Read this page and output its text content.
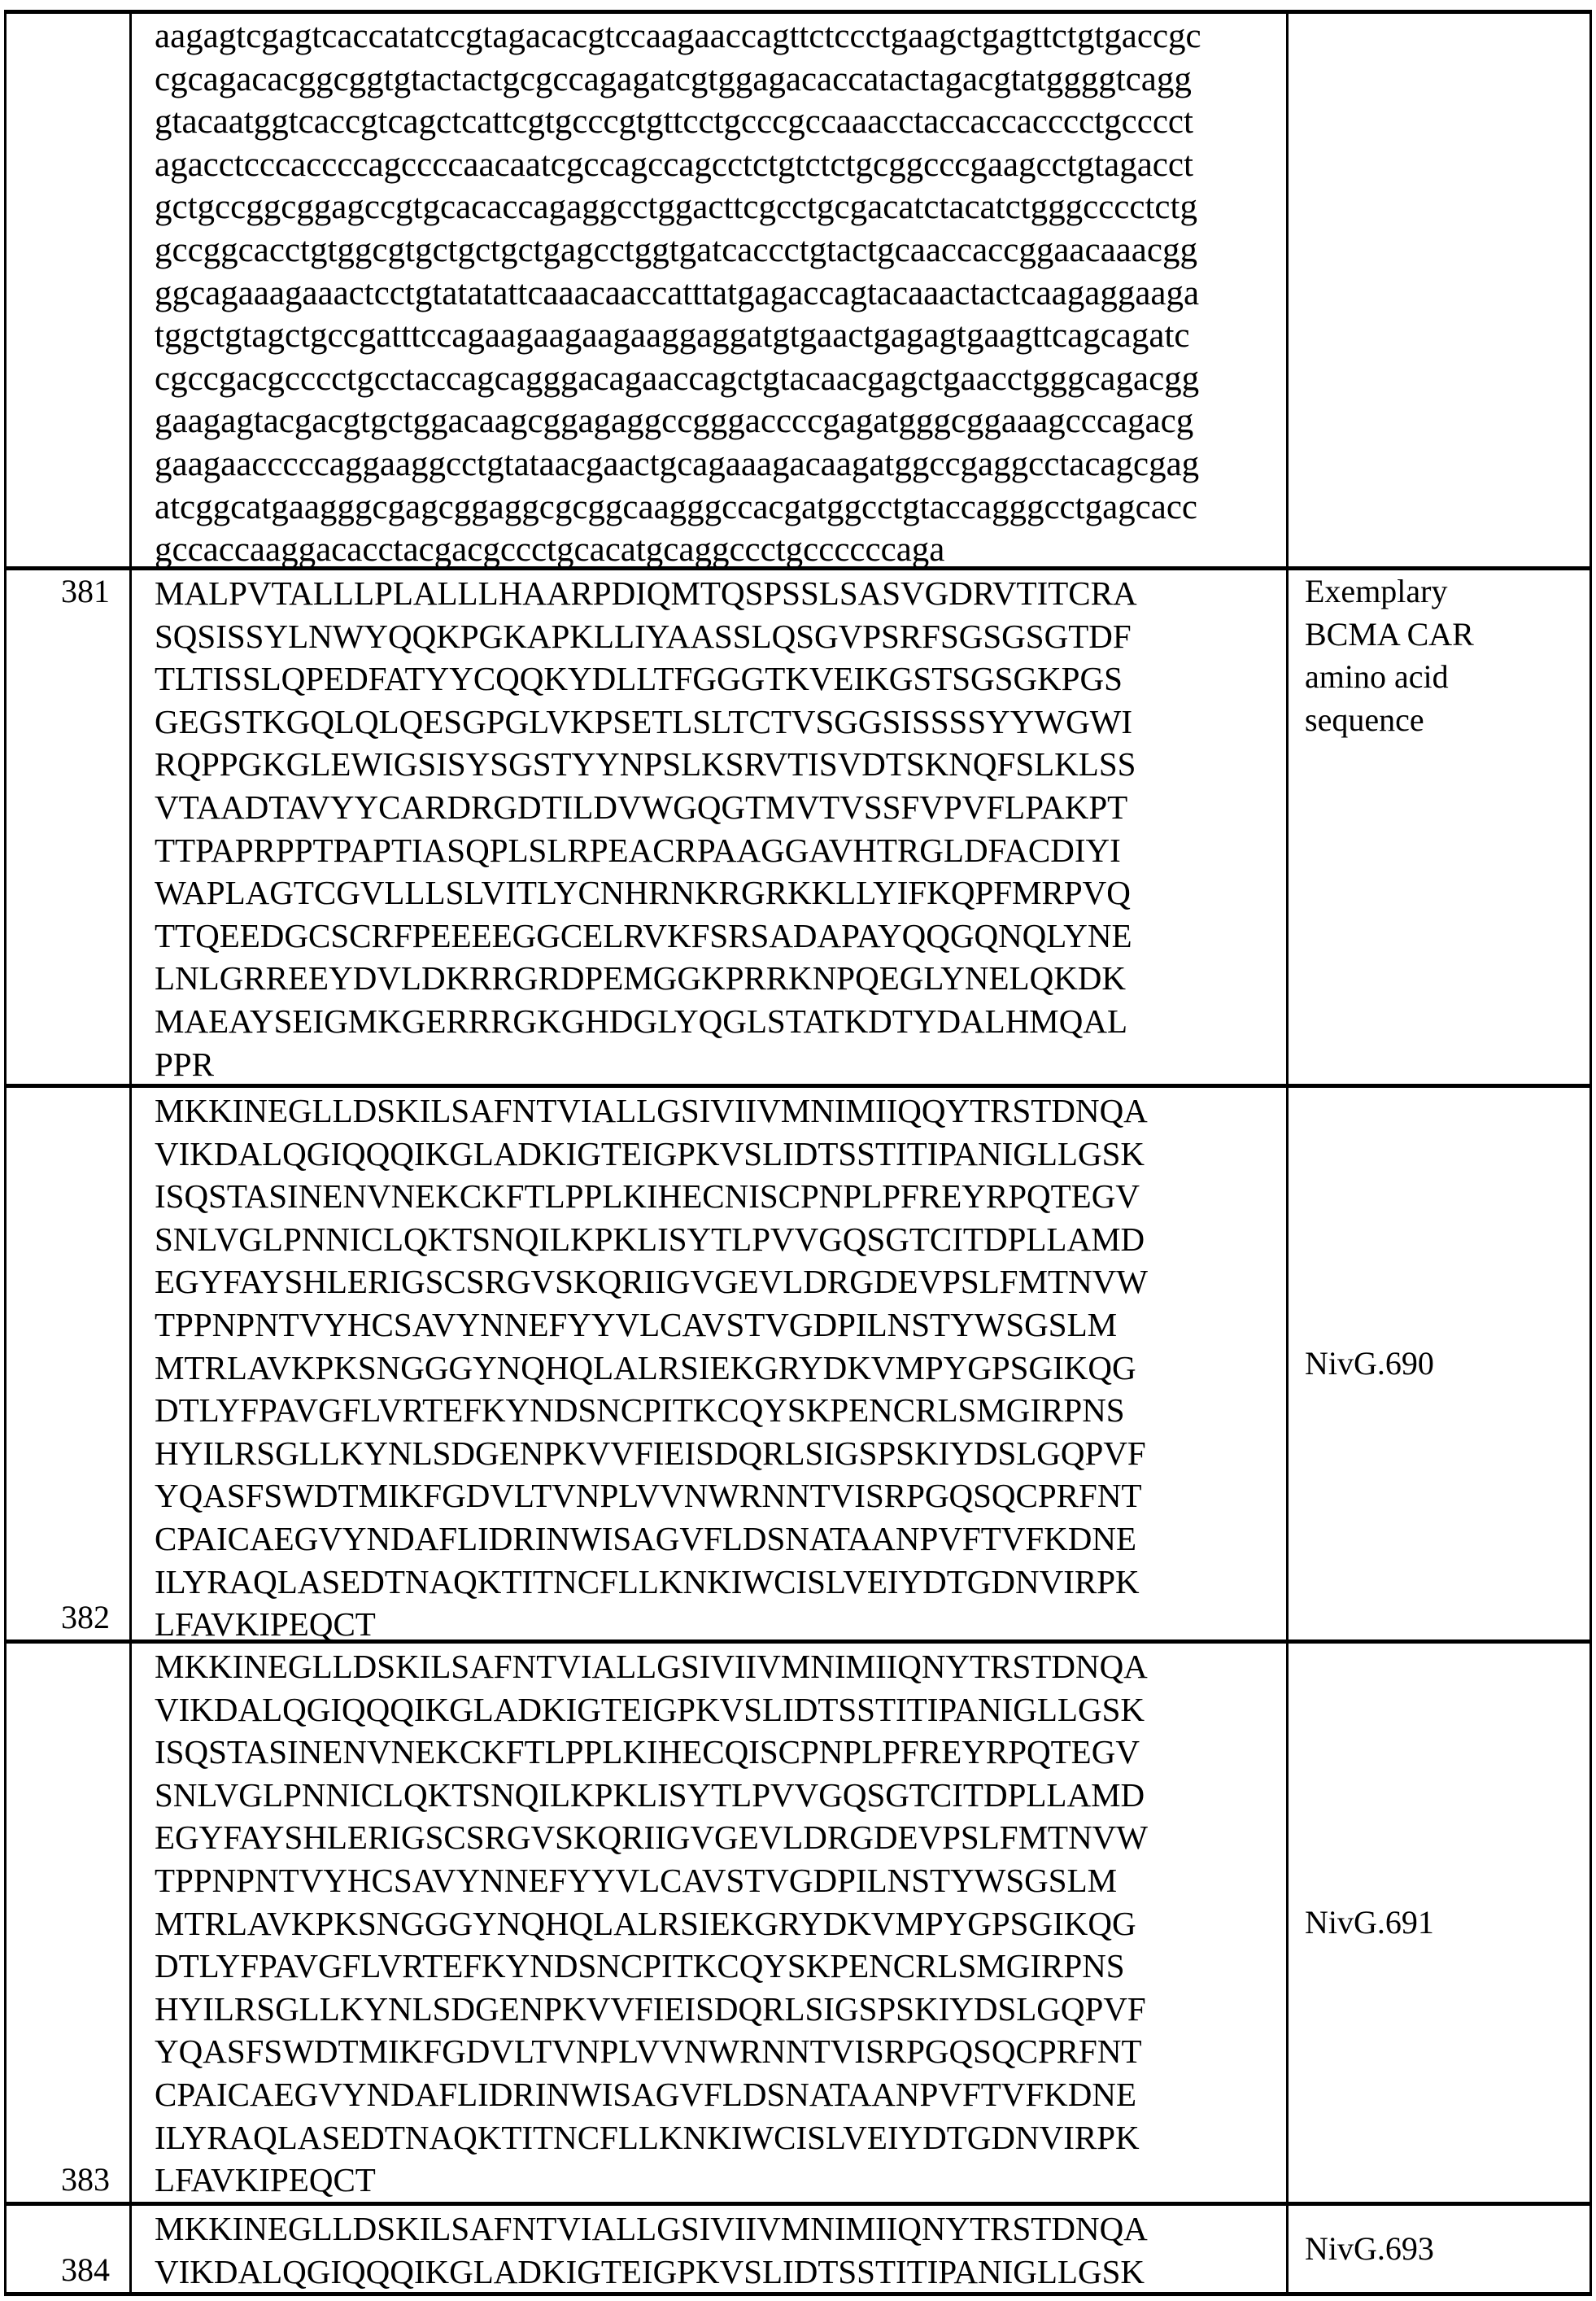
aagagtcgagtcaccatatccgtagacacgtccaagaaccagttctccctgaagctgagttctgtgaccgc
cgcagacacggcggtgtactactgcgccagagatcgtggagacaccatactagacgtatggggtcagg
gtacaatggtcaccgtcagctcattcgtgcccgtgttcctgcccgccaaacctaccaccacccctgcccct
agacctcccaccccagccccaacaatcgccagccagcctctgtctctgcggcccgaagcctgtagacct
gctgccggcggagccgtgcacaccagaggcctggacttcgcctgcgacatctacatctgggcccctctg
gccggcacctgtggcgtgctgctgctgagcctggtgatcaccctgtactgcaaccaccggaacaaacgg
ggcagaaagaaactcctgtatatattcaaacaaccatttatgagaccagtacaaactactcaagaggaaga
tggctgtagctgccgatttccagaagaagaagaaggaggatgtgaactgagagtgaagttcagcagatc
cgccgacgcccctgcctaccagcagggacagaaccagctgtacaacgagctgaacctgggcagacgg
gaagagtacgacgtgctggacaagcggagaggccgggaccccgagatgggcggaaagcccagacg
gaagaacccccaggaaggcctgtataacgaactgcagaaagacaagatggccgaggcctacagcgag
atcggcatgaagggcgagcggaggcgcggcaagggccacgatggcctgtaccagggcctgagcacc
gccaccaaggacacctacgacgccctgcacatgcaggccctgccccccaga
381 MALPVTALLLPLALLLHAARPDIQMTQSPSSLSASVGDRVTITCRA
SQSISSYLNWYQQKPGKAPKLLIYAASSLQSGVPSRFSGSGSGTDF
TLTISSLQPEDFATYYCQQKYDLLTFGGGTKVEIKGSTSGSGKPGS
GEGSTKGQLQLQESGPGLVKPSETLSLTCTVSGGSISSSSYYWGWI
RQPPGKGLEWIGSISYSGSTYYNPSLKSRVTISVDTSKNQFSLKLSS
VTAADTAVYYCARDRGDTILDVWGQGTMVTVSSFVPVFLPAKPT
TTPAPRPPTPAPTIASQPLSLRPEACRPAAGGAVHTRGLDFACDIYI
WAPLAGTCGVLLLSLVITLYCNHRNKRGRKKLLYIFKQPFMRPVQ
TTQEEDGCSCRFPEEEEGGCELRVKFSRSADAPAYQQGQNQLYNE
LNLGRREEYDVLDKRRGRDPEMGGKPRRKNPQEGLYNELQKDK
MAEAYSEIGMKGERRRGKGHDGLYQGLSTATKDTYDALHMQAL
PPR
Exemplary
BCMA CAR
amino acid
sequence
382
MKKINEGLLDSKILSAFNTVIALLGSIVIIVMNIMIIQQYTRSTDNQA
VIKDALQGIQQQIKGLADKIGTEIGPKVSLIDTSSTITIPANIGLLGSK
ISQSTASINENVNEKCKFTLPPLKIHECNISCPNPLPFREYRPQTEGV
SNLVGLPNNICLQKTSNQILKPKLISYTLPVVGQSGTCITDPLLAMD
EGYFAYSHLERIGSCSRGVSKQRIIGVGEVLDRGDEVPSLFMTNVW
TPPNPNTVYHCSAVYNNEFYYVLCAVSTVGDPILNSTYWSGSLM
MTRLAVKPKSNGGGYNQHQLALRSIEKGRYDKVMPYGPSGIKQG
DTLYFPAVGFLVRTEFKYNDSNCPITKCQYSKPENCRLSMGIRPNS
HYILRSGLLKYNLSDGENPKVVFIEISDQRLSIGSPSKIYDSLGQPVF
YQASFSWDTMIKFGDVLTVNPLVVNWRNNTVISRPGQSQCPRFNT
CPAICAEGVYNDAFLIDRINWISAGVFLDSNATAANPVFTVFKDNE
ILYRAQLASEDTNAQKTITNCFLLKNKIWCISLVEIYDTGDNVIRPK
LFAVKIPEQCT
NivG.690
383
MKKINEGLLDSKILSAFNTVIALLGSIVIIVMNIMIIQNYTRSTDNQA
VIKDALQGIQQQIKGLADKIGTEIGPKVSLIDTSSTITIPANIGLLGSK
ISQSTASINENVNEKCKFTLPPLKIHECQISCPNPLPFREYRPQTEGV
SNLVGLPNNICLQKTSNQILKPKLISYTLPVVGQSGTCITDPLLAMD
EGYFAYSHLERIGSCSRGVSKQRIIGVGEVLDRGDEVPSLFMTNVW
TPPNPNTVYHCSAVYNNEFYYVLCAVSTVGDPILNSTYWSGSLM
MTRLAVKPKSNGGGYNQHQLALRSIEKGRYDKVMPYGPSGIKQG
DTLYFPAVGFLVRTEFKYNDSNCPITKCQYSKPENCRLSMGIRPNS
HYILRSGLLKYNLSDGENPKVVFIEISDQRLSIGSPSKIYDSLGQPVF
YQASFSWDTMIKFGDVLTVNPLVVNWRNNTVISRPGQSQCPRFNT
CPAICAEGVYNDAFLIDRINWISAGVFLDSNATAANPVFTVFKDNE
ILYRAQLASEDTNAQKTITNCFLLKNKIWCISLVEIYDTGDNVIRPK
LFAVKIPEQCT
NivG.691
384
MKKINEGLLDSKILSAFNTVIALLGSIVIIVMNIMIIQNYTRSTDNQA
VIKDALQGIQQQIKGLADKIGTEIGPKVSLIDTSSTITIPANIGLLGSK
NivG.693
